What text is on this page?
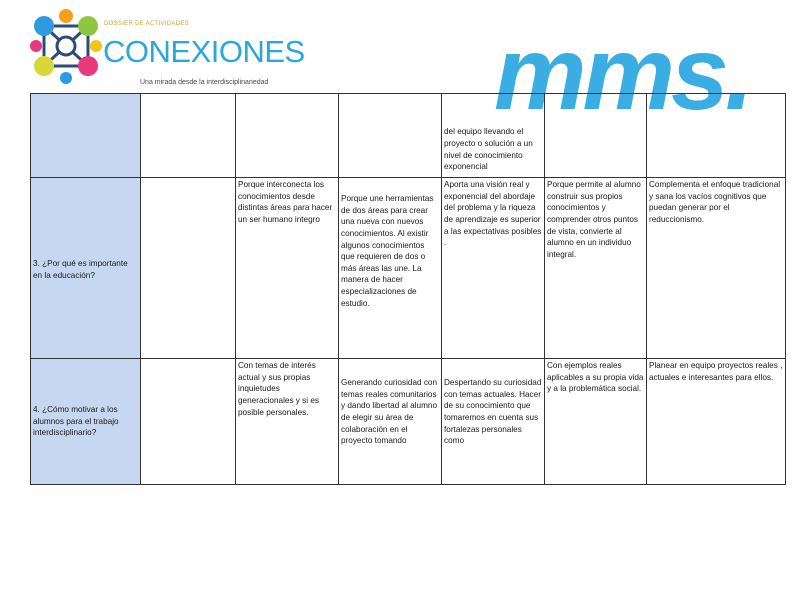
DOSSIER DE ACTIVIDADES
CONEXIONES
Una mirada desde la interdisciplinariedad mms.
				del equipo llevando el proyecto o solución a un nivel de conocimiento exponencial		

3. ¿Por qué es importante en la educación?		Porque interconecta los conocimientos desde distintas áreas para hacer un ser humano integro	Porque une herramientas de dos áreas para crear una nueva con nuevos conocimientos. Al existir algunos conocimientos que requieren de dos o más áreas las une. La manera de hacer especializaciones de estudio.	Aporta una visión real y exponencial del abordaje del problema y la riqueza de aprendizaje es superior a las expectativas posibles .	Porque permite al alumno construir sus propios conocimientos y comprender otros puntos de vista, convierte al alumno en un individuo integral.	Complementa el enfoque tradicional y sana los vacíos cognitivos que puedan generar por el reduccionismo.

4. ¿Cómo motivar a los alumnos para el trabajo interdisciplinario?		Con temas de interés actual y sus propias inquietudes generacionales y si es posible personales.	Generando curiosidad con temas reales comunitarios y dando libertad al alumno de elegir su área de colaboración en el proyecto tomando	Despertando su curiosidad con temas actuales. Hacer de su conocimiento que tomaremos en cuenta sus fortalezas personales como	Con ejemplos reales aplicables a su propia vida y a la problemática social.	Planear en equipo proyectos reales , actuales e interesantes para ellos.
